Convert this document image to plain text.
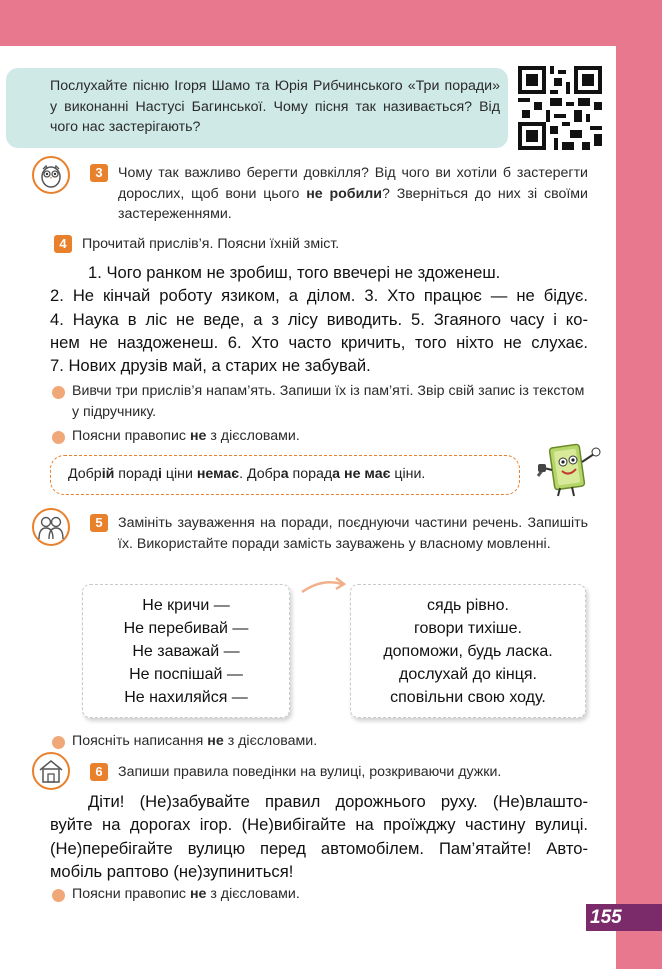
Послухайте пісню Ігоря Шамо та Юрія Рибчинського «Три поради» у виконанні Настусі Багинської. Чому пісня так називається? Від чого нас застерігають?
3	Чому так важливо берегти довкілля? Від чого ви хотіли б застерегти дорослих, щоб вони цього не робили? Зверніться до них зі своїми застереженнями.
4	Прочитай прислів’я. Поясни їхній зміст.
1. Чого ранком не зробиш, того ввечері не здоженеш.
2. Не кінчай роботу язиком, а ділом. 3. Хто працює — не бідує.
4. Наука в ліс не веде, а з лісу виводить. 5. Згаяного часу і ко-
нем не наздоженеш. 6. Хто часто кричить, того ніхто не слухає.
7. Нових друзів май, а старих не забувай.
Вивчи три прислів’я напам’ять. Запиши їх із пам’яті. Звір свій запис із текстом у підручнику.
Поясни правопис не з дієсловами.
Добрій пораді ціни немає. Добра порада не має ціни.
5	Замініть зауваження на поради, поєднуючи частини речень. Запишіть їх. Використайте поради замість зауважень у власному мовленні.
Не кричи —
Не перебивай —
Не заважай —
Не поспішай —
Не нахиляйся —
сядь рівно.
говори тихіше.
допоможи, будь ласка.
дослухай до кінця.
сповільни свою ходу.
Поясніть написання не з дієсловами.
6	Запиши правила поведінки на вулиці, розкриваючи дужки.
Діти! (Не)забувайте правил дорожнього руху. (Не)влашто-
вуйте на дорогах ігор. (Не)вибігайте на проїжджу частину вулиці.
(Не)перебігайте вулицю перед автомобілем. Пам’ятайте! Авто-
мобіль раптово (не)зупиниться!
Поясни правопис не з дієсловами.
155
